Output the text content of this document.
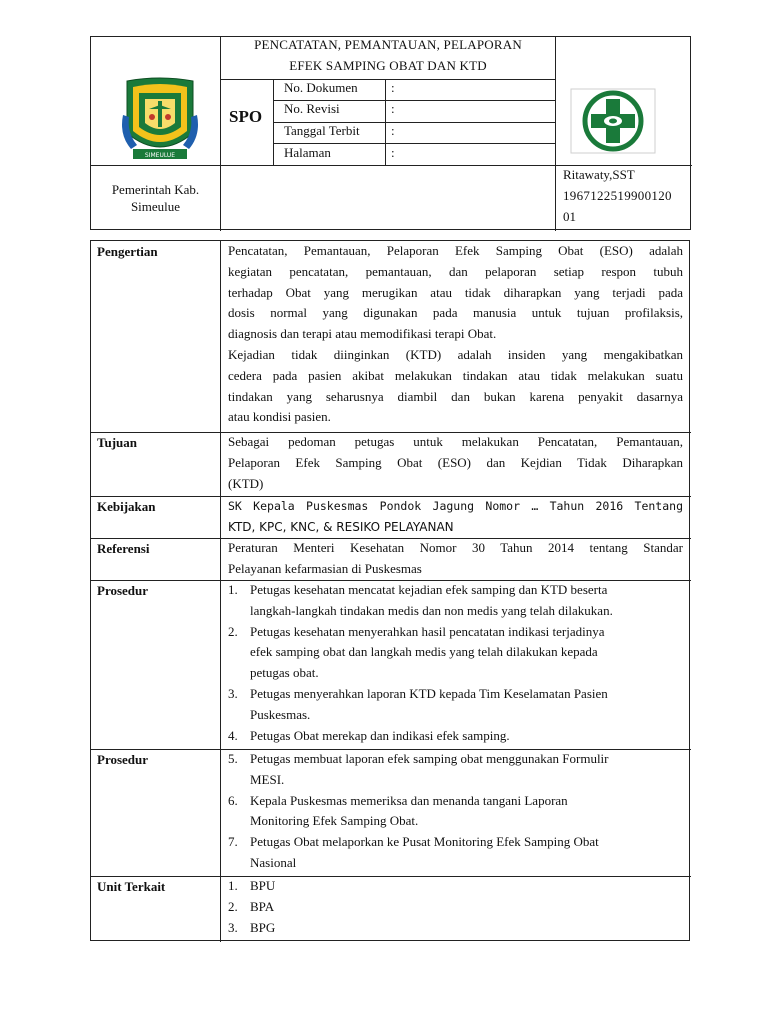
PENCATATAN, PEMANTAUAN, PELAPORAN
EFEK SAMPING OBAT DAN KTD
SPO
No. Dokumen	:
No. Revisi	:
Tanggal Terbit :
Halaman	:
Pemerintah Kab.
Simeulue
Ritawaty,SST
1967122519900120
01
SIMEULUE
Pengertian	Pencatatan, Pemantauan, Pelaporan Efek Samping Obat (ESO) adalah
kegiatan pencatatan, pemantauan, dan pelaporan setiap respon tubuh
terhadap Obat yang merugikan atau tidak diharapkan yang terjadi pada
dosis normal yang digunakan pada manusia untuk tujuan profilaksis,
diagnosis dan terapi atau memodifikasi terapi Obat.
Kejadian tidak diinginkan (KTD) adalah insiden yang mengakibatkan
cedera pada pasien akibat melakukan tindakan atau tidak melakukan suatu
tindakan yang seharusnya diambil dan bukan karena penyakit dasarnya
atau kondisi pasien.
Tujuan	Sebagai pedoman petugas untuk melakukan Pencatatan, Pemantauan,
Pelaporan Efek Samping Obat (ESO) dan Kejdian Tidak Diharapkan
(KTD)
Kebijakan	SK Kepala Puskesmas Pondok Jagung Nomor … Tahun 2016 Tentang
KTD, KPC, KNC, & RESIKO PELAYANAN
Referensi	Peraturan Menteri Kesehatan Nomor 30 Tahun 2014 tentang Standar
Pelayanan kefarmasian di Puskesmas
Prosedur	1. Petugas kesehatan mencatat kejadian efek samping dan KTD beserta
langkah-langkah tindakan medis dan non medis yang telah dilakukan.
2. Petugas kesehatan menyerahkan hasil pencatatan indikasi terjadinya
efek samping obat dan langkah medis yang telah dilakukan kepada
petugas obat.
3. Petugas menyerahkan laporan KTD kepada Tim Keselamatan Pasien
Puskesmas.
4. Petugas Obat merekap dan indikasi efek samping.
Prosedur	5. Petugas membuat laporan efek samping obat menggunakan Formulir
MESI.
6. Kepala Puskesmas memeriksa dan menanda tangani Laporan
Monitoring Efek Samping Obat.
7. Petugas Obat melaporkan ke Pusat Monitoring Efek Samping Obat
Nasional
Unit Terkait	1. BPU
2. BPA
3. BPG
